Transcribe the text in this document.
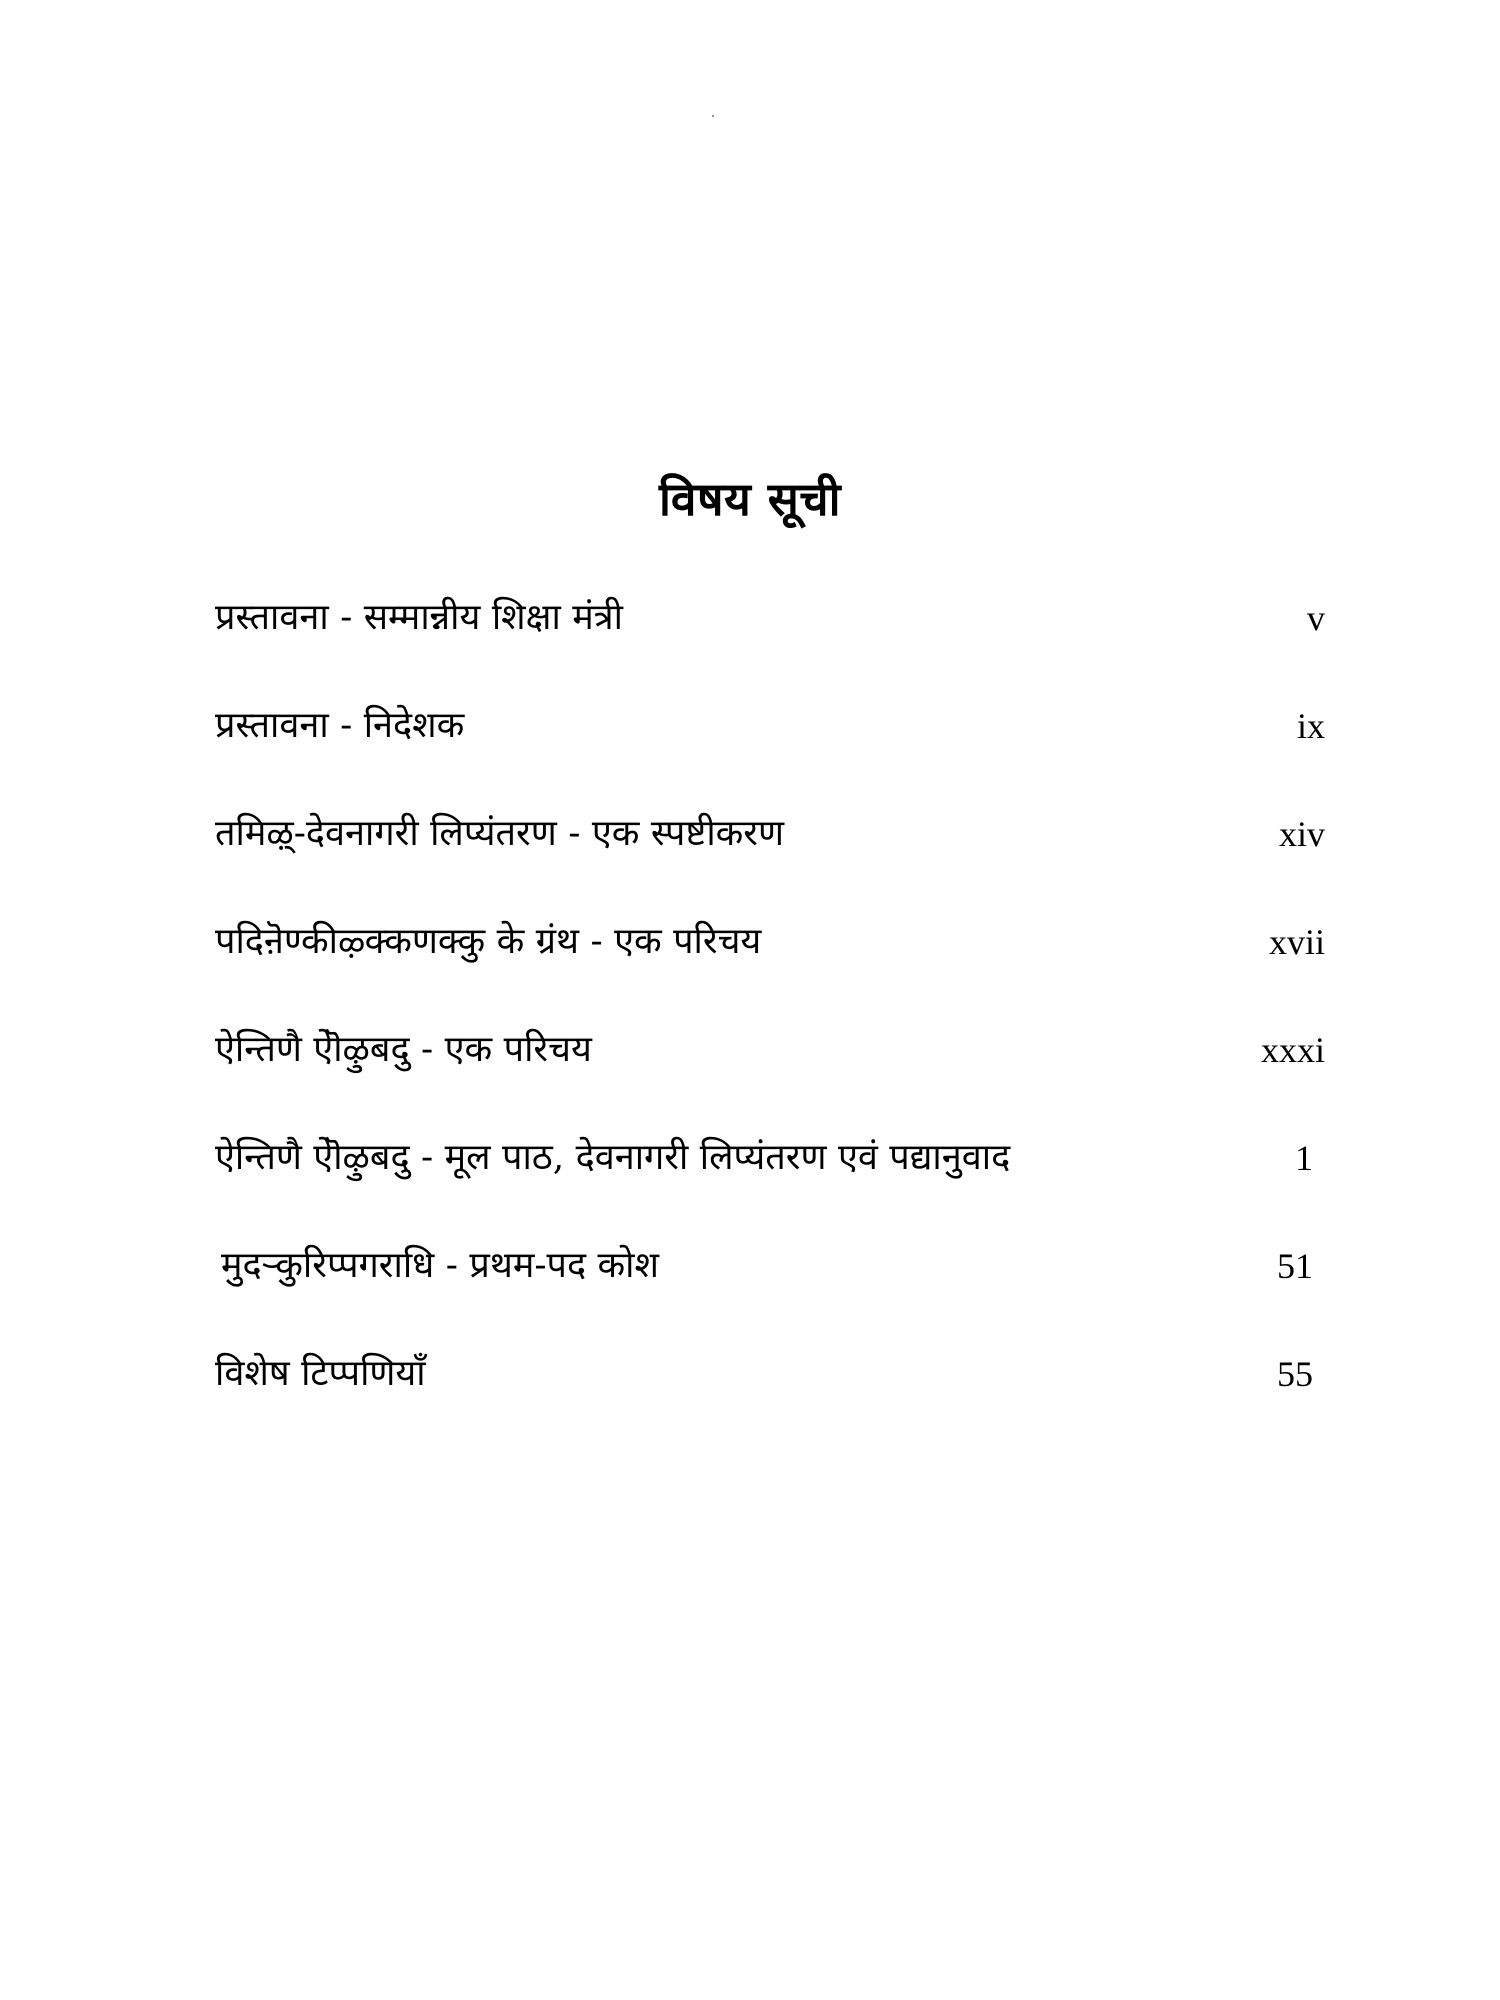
विषय सूची
प्रस्तावना - सम्मान्नीय शिक्षा मंत्री	v
प्रस्तावना - निदेशक	ix
तमिऴ्-देवनागरी लिप्यंतरण - एक स्पष्टीकरण	xiv
पदिऩॆण्कीऴ्क्कणक्कु के ग्रंथ - एक परिचय	xvii
ऐन्तिणै ऐॊऴुबदु - एक परिचय	xxxi
ऐन्तिणै ऐॊऴुबदु - मूल पाठ, देवनागरी लिप्यंतरण एवं पद्यानुवाद	1
मुदऱ्कुरिप्पगराधि - प्रथम-पद कोश	51
विशेष टिप्पणियाँ	55
